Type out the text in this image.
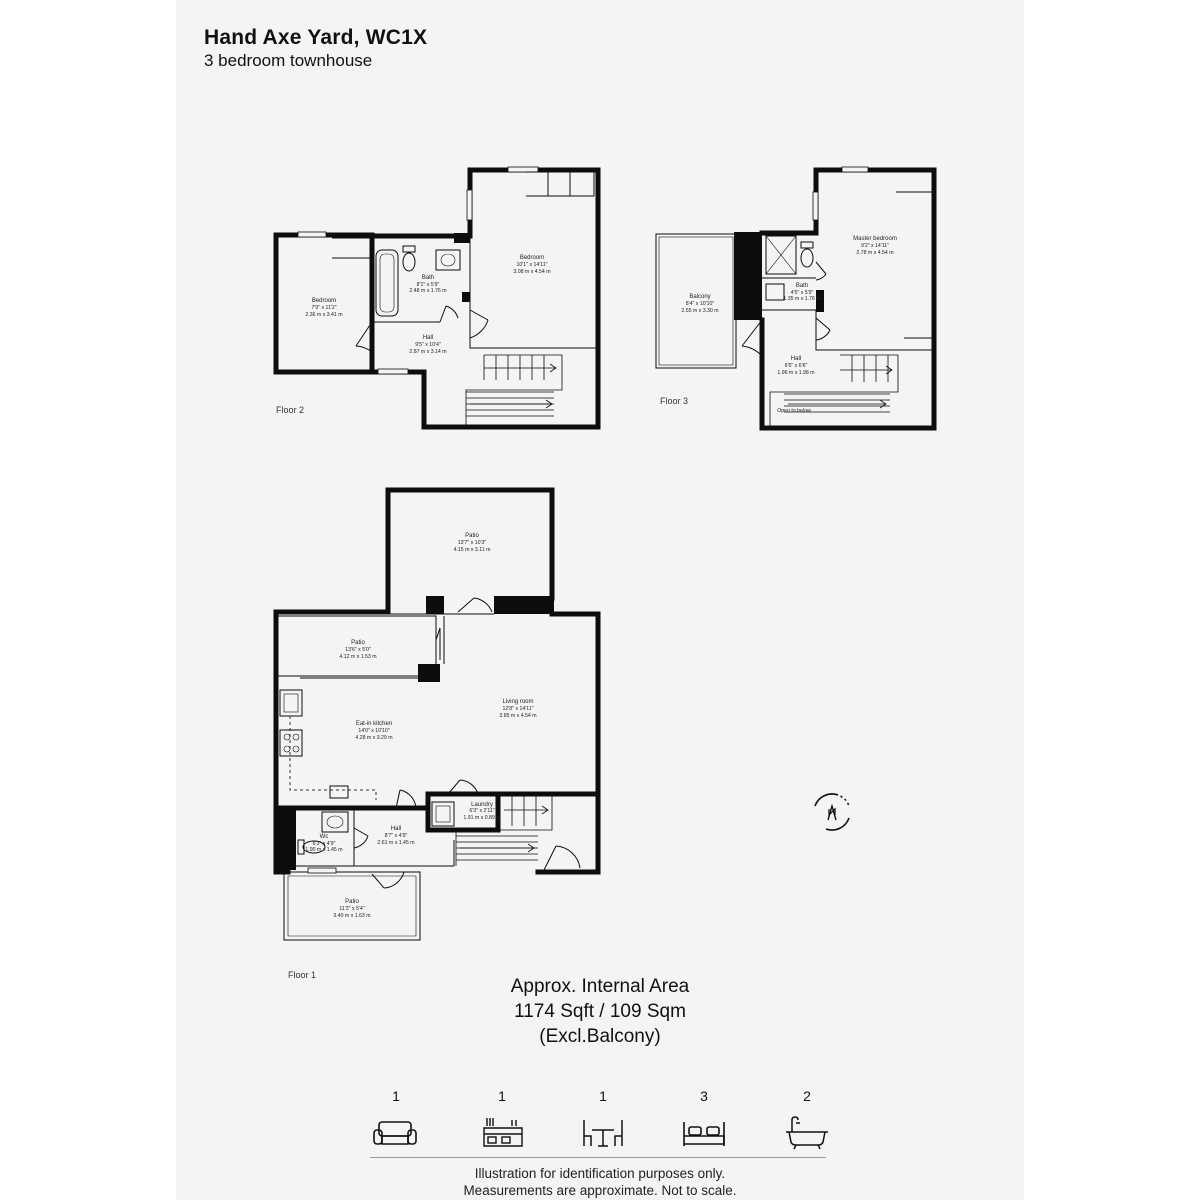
Hand Axe Yard, WC1X
3 bedroom townhouse
Bedroom
7'9" x 11'2"
2.36 m x 3.41 m
Bath
8'1" x 5'9"
2.48 m x 1.76 m
Bedroom
10'1" x 14'11"
3.08 m x 4.54 m
Hall
9'5" x 10'4"
2.87 m x 3.14 m
Floor 2
Balcony
8'4" x 10'10"
2.55 m x 3.30 m
Master bedroom
9'2" x 14'11"
2.78 m x 4.54 m
Bath
4'5" x 5'9"
1.35 m x 1.76 m
Hall
6'5" x 6'6"
1.96 m x 1.98 m
Open to below
Floor 3
Patio
13'7" x 10'3"
4.15 m x 3.11 m
Patio
13'6" x 5'0"
4.12 m x 1.53 m
Living room
12'8" x 14'11"
3.85 m x 4.54 m
Eat-in kitchen
14'0" x 10'10"
4.28 m x 3.29 m
Laundry
6'3" x 2'11"
1.91 m x 0.89 m
Wc
6'3" x 4'9"
1.90 m x 1.45 m
Hall
8'7" x 4'9"
2.61 m x 1.45 m
Patio
11'2" x 5'4"
3.40 m x 1.63 m
Floor 1
Approx. Internal Area
1174 Sqft / 109 Sqm
(Excl.Balcony)
1	1	1	3	2
Illustration for identification purposes only.
Measurements are approximate. Not to scale.
